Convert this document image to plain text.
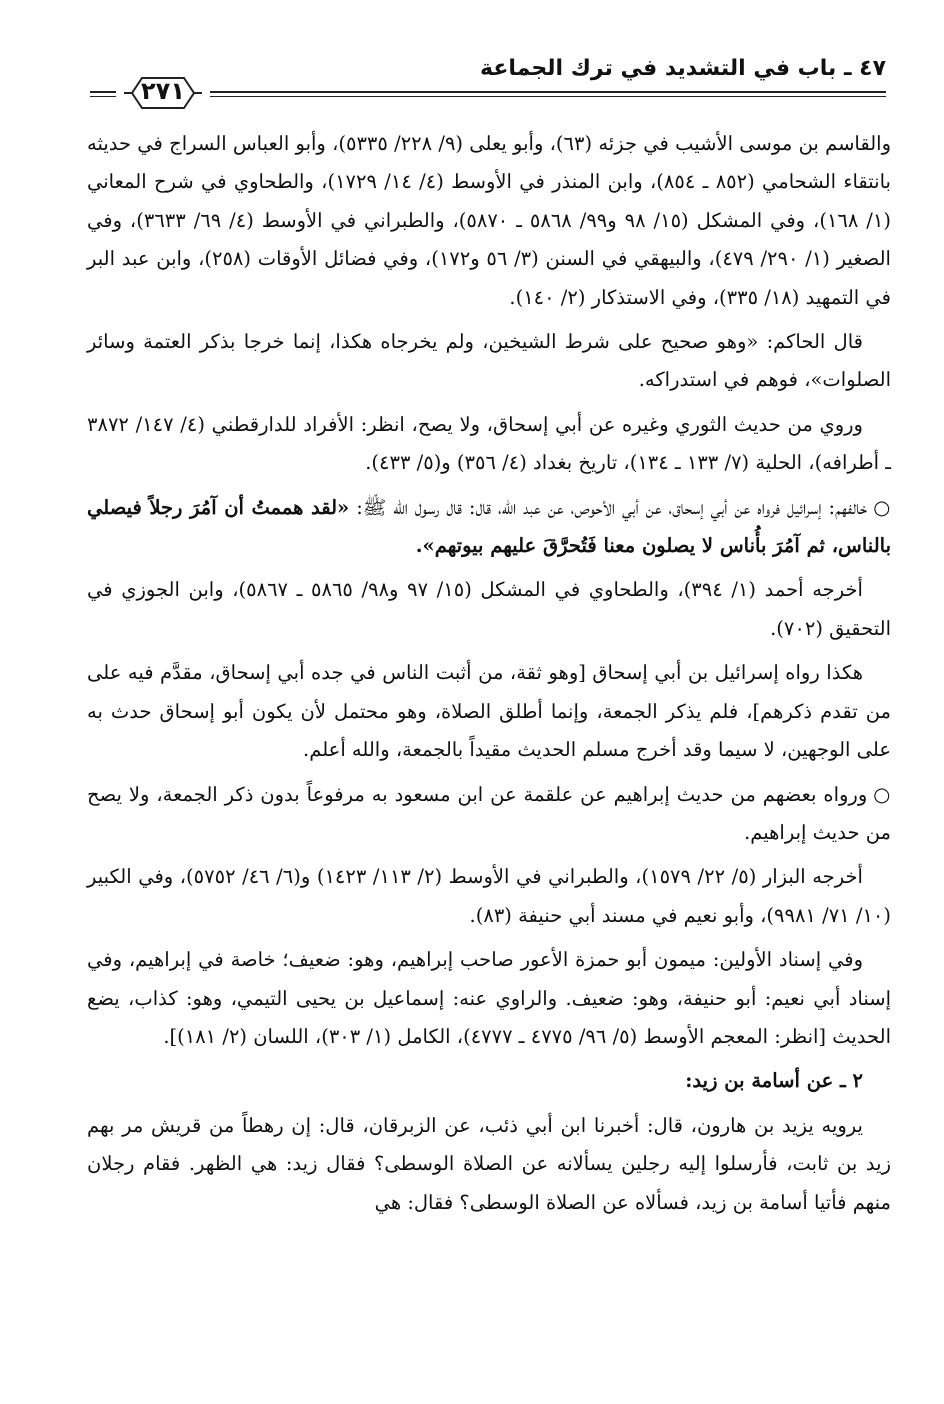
٤٧ ـ باب في التشديد في ترك الجماعة
٢٧١

والقاسم بن موسى الأشيب في جزئه (٦٣)، وأبو يعلى (٩/ ٢٢٨/ ٥٣٣٥)، وأبو العباس السراج في حديثه بانتقاء الشحامي (٨٥٢ ـ ٨٥٤)، وابن المنذر في الأوسط (٤/ ١٤/ ١٧٢٩)، والطحاوي في شرح المعاني (١/ ١٦٨)، وفي المشكل (١٥/ ٩٨ و٩٩/ ٥٨٦٨ ـ ٥٨٧٠)، والطبراني في الأوسط (٤/ ٦٩/ ٣٦٣٣)، وفي الصغير (١/ ٢٩٠/ ٤٧٩)، والبيهقي في السنن (٣/ ٥٦ و١٧٢)، وفي فضائل الأوقات (٢٥٨)، وابن عبد البر في التمهيد (١٨/ ٣٣٥)، وفي الاستذكار (٢/ ١٤٠).

قال الحاكم: «وهو صحيح على شرط الشيخين، ولم يخرجاه هكذا، إنما خرجا بذكر العتمة وسائر الصلوات»، فوهم في استدراكه.

وروي من حديث الثوري وغيره عن أبي إسحاق، ولا يصح، انظر: الأفراد للدارقطني (٤/ ١٤٧/ ٣٨٧٢ ـ أطرافه)، الحلية (٧/ ١٣٣ ـ ١٣٤)، تاريخ بغداد (٤/ ٣٥٦) و(٥/ ٤٣٣).

○خالفهم: إسرائيل فرواه عن أبي إسحاق، عن أبي الأحوص، عن عبد الله، قال: قال رسول الله ﷺ: «لقد هممتُ أن آمُرَ رجلاً فيصلي بالناس، ثم آمُرَ بأُناس لا يصلون معنا فَتُحرَّقَ عليهم بيوتهم».

أخرجه أحمد (١/ ٣٩٤)، والطحاوي في المشكل (١٥/ ٩٧ و٩٨/ ٥٨٦٥ ـ ٥٨٦٧)، وابن الجوزي في التحقيق (٧٠٢).

هكذا رواه إسرائيل بن أبي إسحاق [وهو ثقة، من أثبت الناس في جده أبي إسحاق، مقدَّم فيه على من تقدم ذكرهم]، فلم يذكر الجمعة، وإنما أطلق الصلاة، وهو محتمل لأن يكون أبو إسحاق حدث به على الوجهين، لا سيما وقد أخرج مسلم الحديث مقيداً بالجمعة، والله أعلم.

○ورواه بعضهم من حديث إبراهيم عن علقمة عن ابن مسعود به مرفوعاً بدون ذكر الجمعة، ولا يصح من حديث إبراهيم.

أخرجه البزار (٥/ ٢٢/ ١٥٧٩)، والطبراني في الأوسط (٢/ ١١٣/ ١٤٢٣) و(٦/ ٤٦/ ٥٧٥٢)، وفي الكبير (١٠/ ٧١/ ٩٩٨١)، وأبو نعيم في مسند أبي حنيفة (٨٣).

وفي إسناد الأولين: ميمون أبو حمزة الأعور صاحب إبراهيم، وهو: ضعيف؛ خاصة في إبراهيم، وفي إسناد أبي نعيم: أبو حنيفة، وهو: ضعيف. والراوي عنه: إسماعيل بن يحيى التيمي، وهو: كذاب، يضع الحديث [انظر: المعجم الأوسط (٥/ ٩٦/ ٤٧٧٥ ـ ٤٧٧٧)، الكامل (١/ ٣٠٣)، اللسان (٢/ ١٨١)].

٢ ـ عن أسامة بن زيد:

يرويه يزيد بن هارون، قال: أخبرنا ابن أبي ذئب، عن الزبرقان، قال: إن رهطاً من قريش مر بهم زيد بن ثابت، فأرسلوا إليه رجلين يسألانه عن الصلاة الوسطى؟ فقال زيد: هي الظهر. فقام رجلان منهم فأتيا أسامة بن زيد، فسألاه عن الصلاة الوسطى؟ فقال: هي
